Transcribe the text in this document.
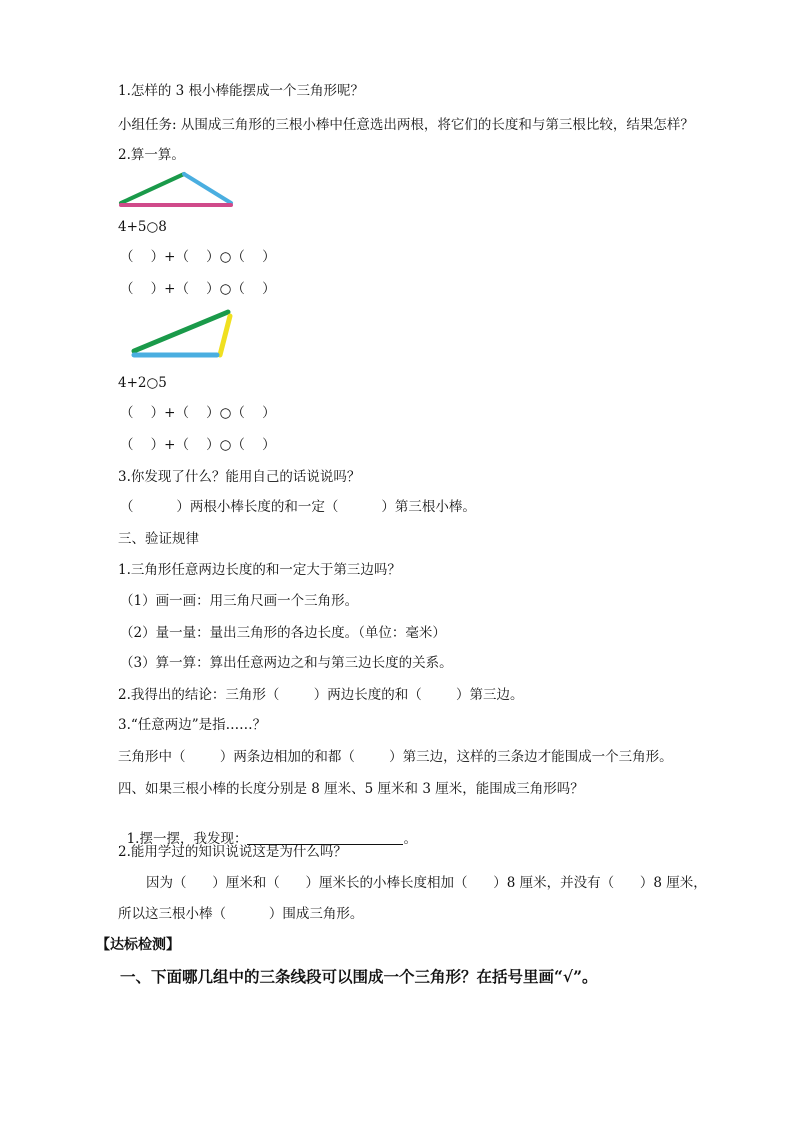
1.怎样的 3 根小棒能摆成一个三角形呢？
小组任务: 从围成三角形的三根小棒中任意选出两根，将它们的长度和与第三根比较，结果怎样？
2.算一算。
4+5○8
（    ）+（    ）○（    ）
（    ）+（    ）○（    ）
4+2○5
（    ）+（    ）○（    ）
（    ）+（    ）○（    ）
3.你发现了什么？能用自己的话说说吗？
（          ）两根小棒长度的和一定（          ）第三根小棒。
三、验证规律
1.三角形任意两边长度的和一定大于第三边吗？
（1）画一画：用三角尺画一个三角形。
（2）量一量：量出三角形的各边长度。（单位：毫米）
（3）算一算：算出任意两边之和与第三边长度的关系。
2.我得出的结论：三角形（        ）两边长度的和（        ）第三边。
3.“任意两边”是指……？
三角形中（        ）两条边相加的和都（        ）第三边，这样的三条边才能围成一个三角形。
四、如果三根小棒的长度分别是 8 厘米、5 厘米和 3 厘米，能围成三角形吗？

1.摆一摆，我发现：	。

2.能用学过的知识说说这是为什么吗？
因为（      ）厘米和（      ）厘米长的小棒长度相加（      ）8 厘米，并没有（      ）8 厘米，
所以这三根小棒（          ）围成三角形。
【达标检测】
一、下面哪几组中的三条线段可以围成一个三角形？在括号里画“√”。
